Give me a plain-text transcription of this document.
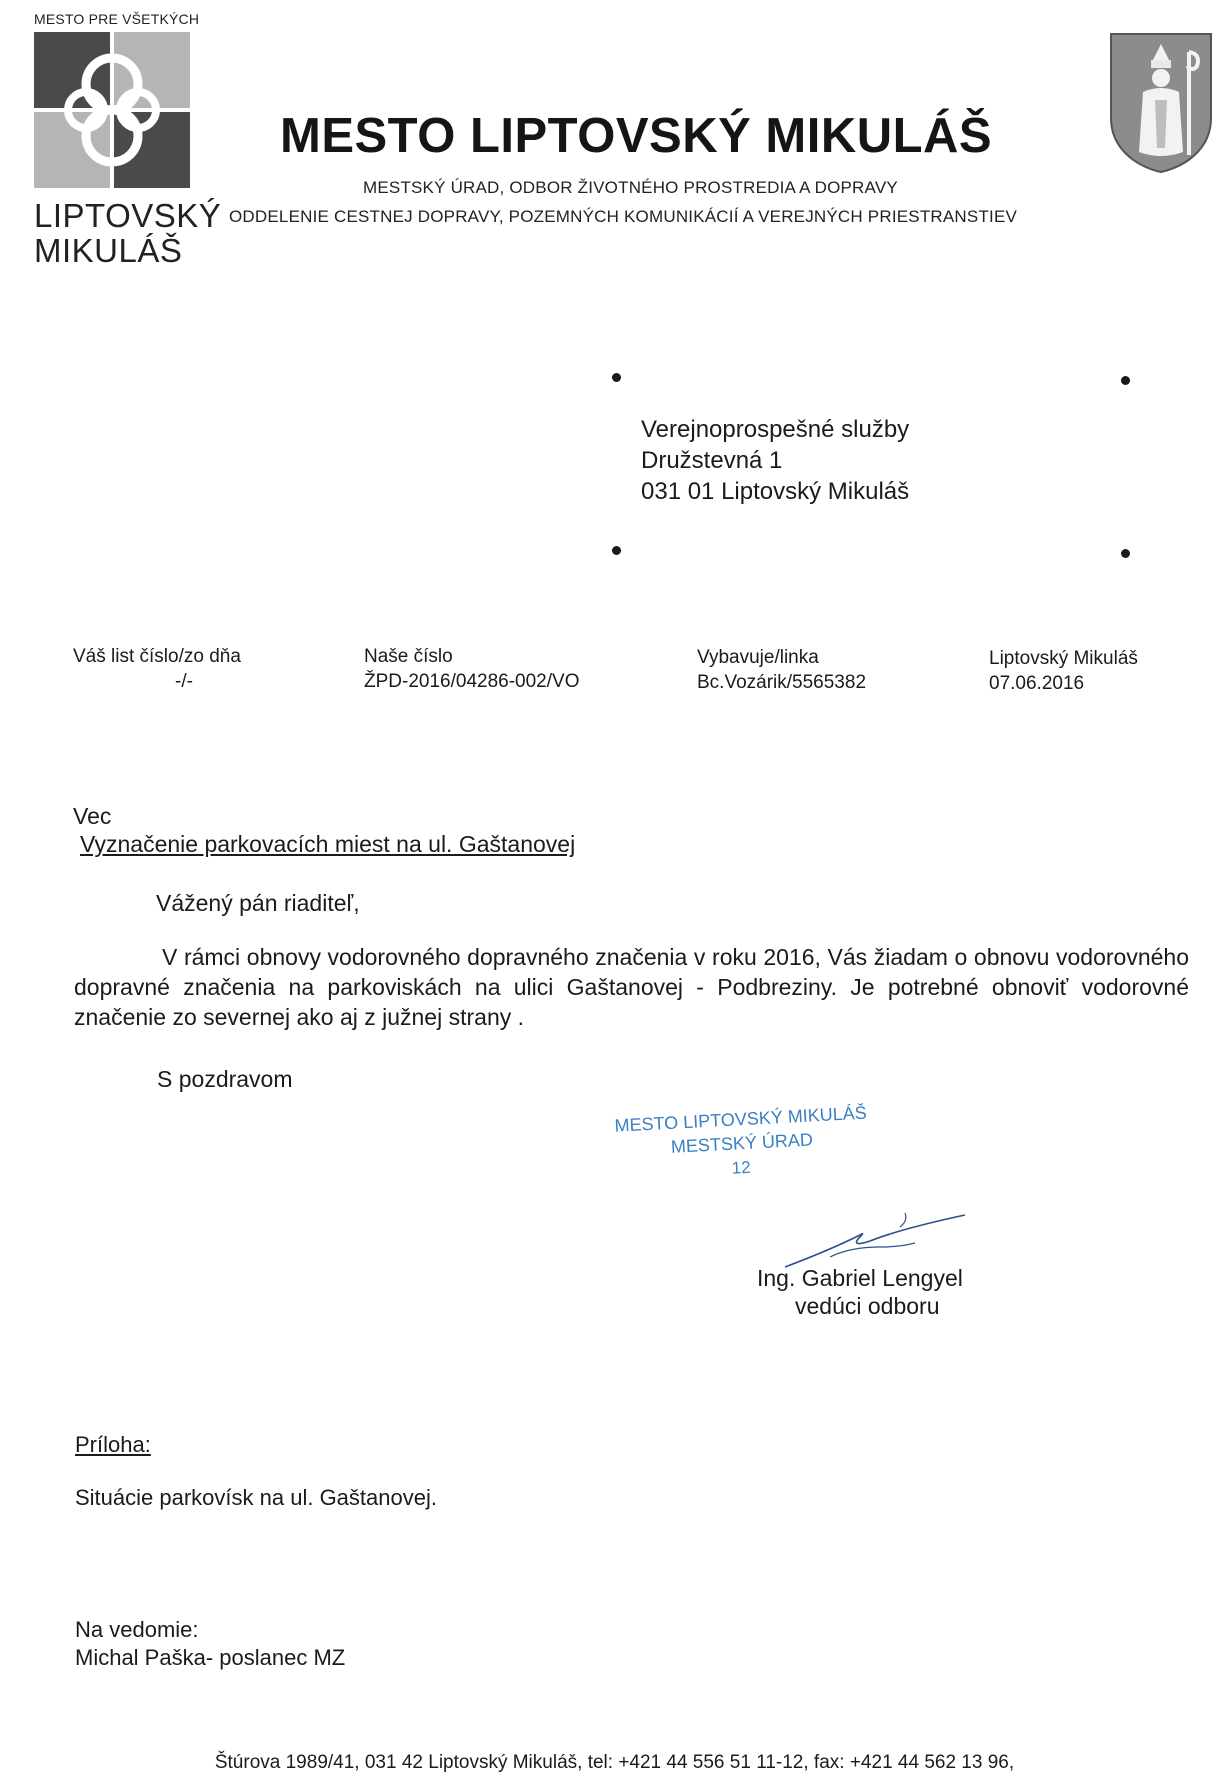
MESTO PRE VŠETKÝCH
LIPTOVSKÝ
MIKULÁŠ
MESTO LIPTOVSKÝ MIKULÁŠ
MESTSKÝ ÚRAD, ODBOR ŽIVOTNÉHO PROSTREDIA A DOPRAVY
ODDELENIE CESTNEJ DOPRAVY, POZEMNÝCH KOMUNIKÁCIÍ A VEREJNÝCH PRIESTRANSTIEV
Verejnoprospešné služby
Družstevná 1
031 01 Liptovský Mikuláš
Váš list číslo/zo dňa
-/-
Naše číslo
ŽPD-2016/04286-002/VO
Vybavuje/linka
Bc.Vozárik/5565382
Liptovský Mikuláš
07.06.2016
Vec
Vyznačenie parkovacích miest na ul. Gaštanovej
Vážený pán riaditeľ,
V rámci obnovy vodorovného dopravného značenia v roku 2016, Vás žiadam o obnovu vodorovného dopravné značenia na parkoviskách na ulici Gaštanovej - Podbreziny. Je potrebné obnoviť vodorovné značenie zo severnej ako aj z južnej strany .
S pozdravom
MESTO LIPTOVSKÝ MIKULÁŠ
MESTSKÝ ÚRAD
12
Ing. Gabriel Lengyel
vedúci odboru
Príloha:
Situácie parkovísk na ul. Gaštanovej.
Na vedomie:
Michal Paška- poslanec MZ
Štúrova 1989/41, 031 42 Liptovský Mikuláš, tel: +421 44 556 51 11-12, fax: +421 44 562 13 96,
